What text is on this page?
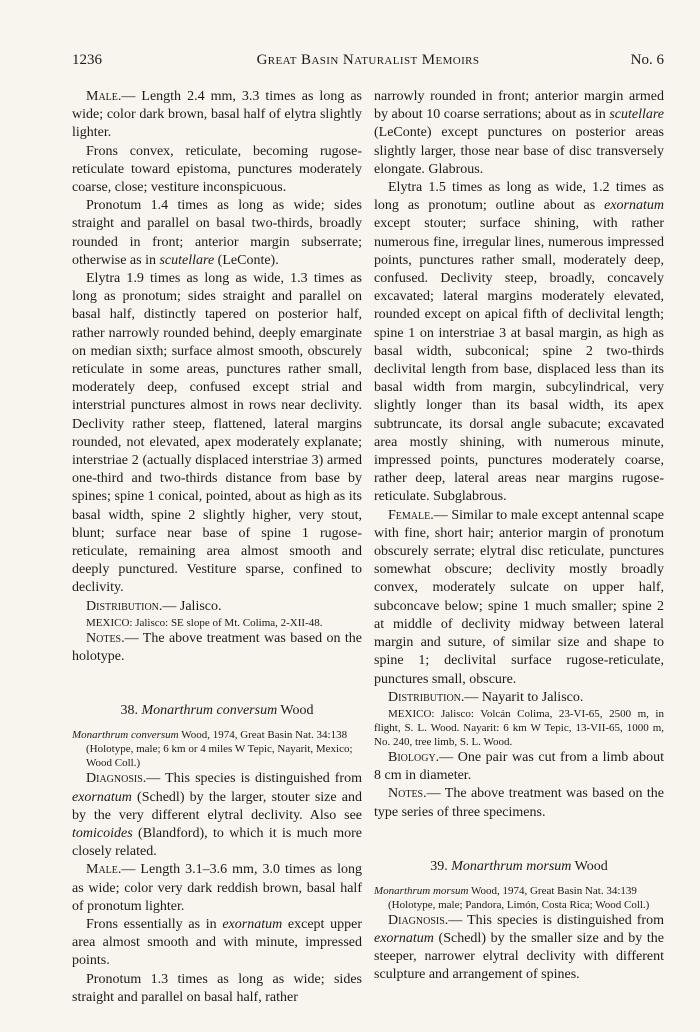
1236	Great Basin Naturalist Memoirs	No. 6

Male.— Length 2.4 mm, 3.3 times as long as wide; color dark brown, basal half of elytra slightly lighter.

Frons convex, reticulate, becoming rugose-reticulate toward epistoma, punctures moderately coarse, close; vestiture inconspicuous.

Pronotum 1.4 times as long as wide; sides straight and parallel on basal two-thirds, broadly rounded in front; anterior margin subserrate; otherwise as in scutellare (LeConte).

Elytra 1.9 times as long as wide, 1.3 times as long as pronotum; sides straight and parallel on basal half, distinctly tapered on posterior half, rather narrowly rounded behind, deeply emarginate on median sixth; surface almost smooth, obscurely reticulate in some areas, punctures rather small, moderately deep, confused except strial and interstrial punctures almost in rows near declivity. Declivity rather steep, flattened, lateral margins rounded, not elevated, apex moderately explanate; interstriae 2 (actually displaced interstriae 3) armed one-third and two-thirds distance from base by spines; spine 1 conical, pointed, about as high as its basal width, spine 2 slightly higher, very stout, blunt; surface near base of spine 1 rugose-reticulate, remaining area almost smooth and deeply punctured. Vestiture sparse, confined to declivity.

Distribution.— Jalisco.

MEXICO: Jalisco: SE slope of Mt. Colima, 2-XII-48.

Notes.— The above treatment was based on the holotype.

38. Monarthrum conversum Wood

Monarthrum conversum Wood, 1974, Great Basin Nat. 34:138 (Holotype, male; 6 km or 4 miles W Tepic, Nayarit, Mexico; Wood Coll.)

Diagnosis.— This species is distinguished from exornatum (Schedl) by the larger, stouter size and by the very different elytral declivity. Also see tomicoides (Blandford), to which it is much more closely related.

Male.— Length 3.1–3.6 mm, 3.0 times as long as wide; color very dark reddish brown, basal half of pronotum lighter.

Frons essentially as in exornatum except upper area almost smooth and with minute, impressed points.

Pronotum 1.3 times as long as wide; sides straight and parallel on basal half, rather

narrowly rounded in front; anterior margin armed by about 10 coarse serrations; about as in scutellare (LeConte) except punctures on posterior areas slightly larger, those near base of disc transversely elongate. Glabrous.

Elytra 1.5 times as long as wide, 1.2 times as long as pronotum; outline about as exornatum except stouter; surface shining, with rather numerous fine, irregular lines, numerous impressed points, punctures rather small, moderately deep, confused. Declivity steep, broadly, concavely excavated; lateral margins moderately elevated, rounded except on apical fifth of declivital length; spine 1 on interstriae 3 at basal margin, as high as basal width, subconical; spine 2 two-thirds declivital length from base, displaced less than its basal width from margin, subcylindrical, very slightly longer than its basal width, its apex subtruncate, its dorsal angle subacute; excavated area mostly shining, with numerous minute, impressed points, punctures moderately coarse, rather deep, lateral areas near margins rugose-reticulate. Subglabrous.

Female.— Similar to male except antennal scape with fine, short hair; anterior margin of pronotum obscurely serrate; elytral disc reticulate, punctures somewhat obscure; declivity mostly broadly convex, moderately sulcate on upper half, subconcave below; spine 1 much smaller; spine 2 at middle of declivity midway between lateral margin and suture, of similar size and shape to spine 1; declivital surface rugose-reticulate, punctures small, obscure.

Distribution.— Nayarit to Jalisco.

MEXICO: Jalisco: Volcán Colima, 23-VI-65, 2500 m, in flight, S. L. Wood. Nayarit: 6 km W Tepic, 13-VII-65, 1000 m, No. 240, tree limb, S. L. Wood.

Biology.— One pair was cut from a limb about 8 cm in diameter.

Notes.— The above treatment was based on the type series of three specimens.

39. Monarthrum morsum Wood

Monarthrum morsum Wood, 1974, Great Basin Nat. 34:139 (Holotype, male; Pandora, Limón, Costa Rica; Wood Coll.)

Diagnosis.— This species is distinguished from exornatum (Schedl) by the smaller size and by the steeper, narrower elytral declivity with different sculpture and arrangement of spines.
